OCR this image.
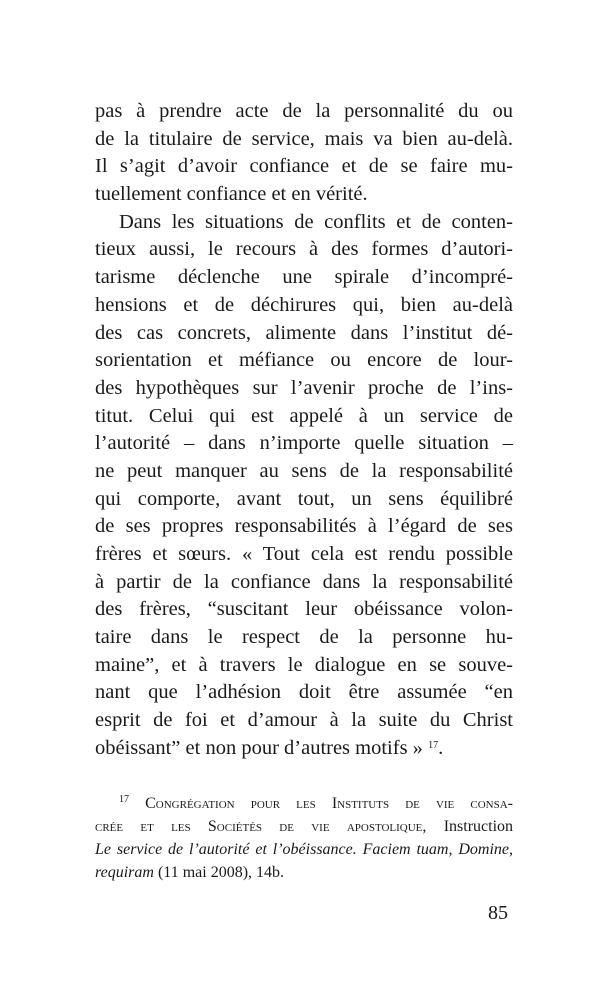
pas à prendre acte de la personnalité du ou
de la titulaire de service, mais va bien au-delà.
Il s’agit d’avoir confiance et de se faire mu-
tuellement confiance et en vérité.
Dans les situations de conflits et de conten-
tieux aussi, le recours à des formes d’autori-
tarisme déclenche une spirale d’incompré-
hensions et de déchirures qui, bien au-delà
des cas concrets, alimente dans l’institut dé-
sorientation et méfiance ou encore de lour-
des hypothèques sur l’avenir proche de l’ins-
titut. Celui qui est appelé à un service de
l’autorité – dans n’importe quelle situation –
ne peut manquer au sens de la responsabilité
qui comporte, avant tout, un sens équilibré
de ses propres responsabilités à l’égard de ses
frères et sœurs. « Tout cela est rendu possible
à partir de la confiance dans la responsabilité
des frères, “suscitant leur obéissance volon-
taire dans le respect de la personne hu-
maine”, et à travers le dialogue en se souve-
nant que l’adhésion doit être assumée “en
esprit de foi et d’amour à la suite du Christ
obéissant” et non pour d’autres motifs » $^{17}$.
$^{17}$ Congrégation pour les Instituts de vie consa-
crée et les Sociétés de vie apostolique, Instruction
Le service de l’autorité et l’obéissance. Faciem tuam, Domine,
requiram (11 mai 2008), 14b.
85
